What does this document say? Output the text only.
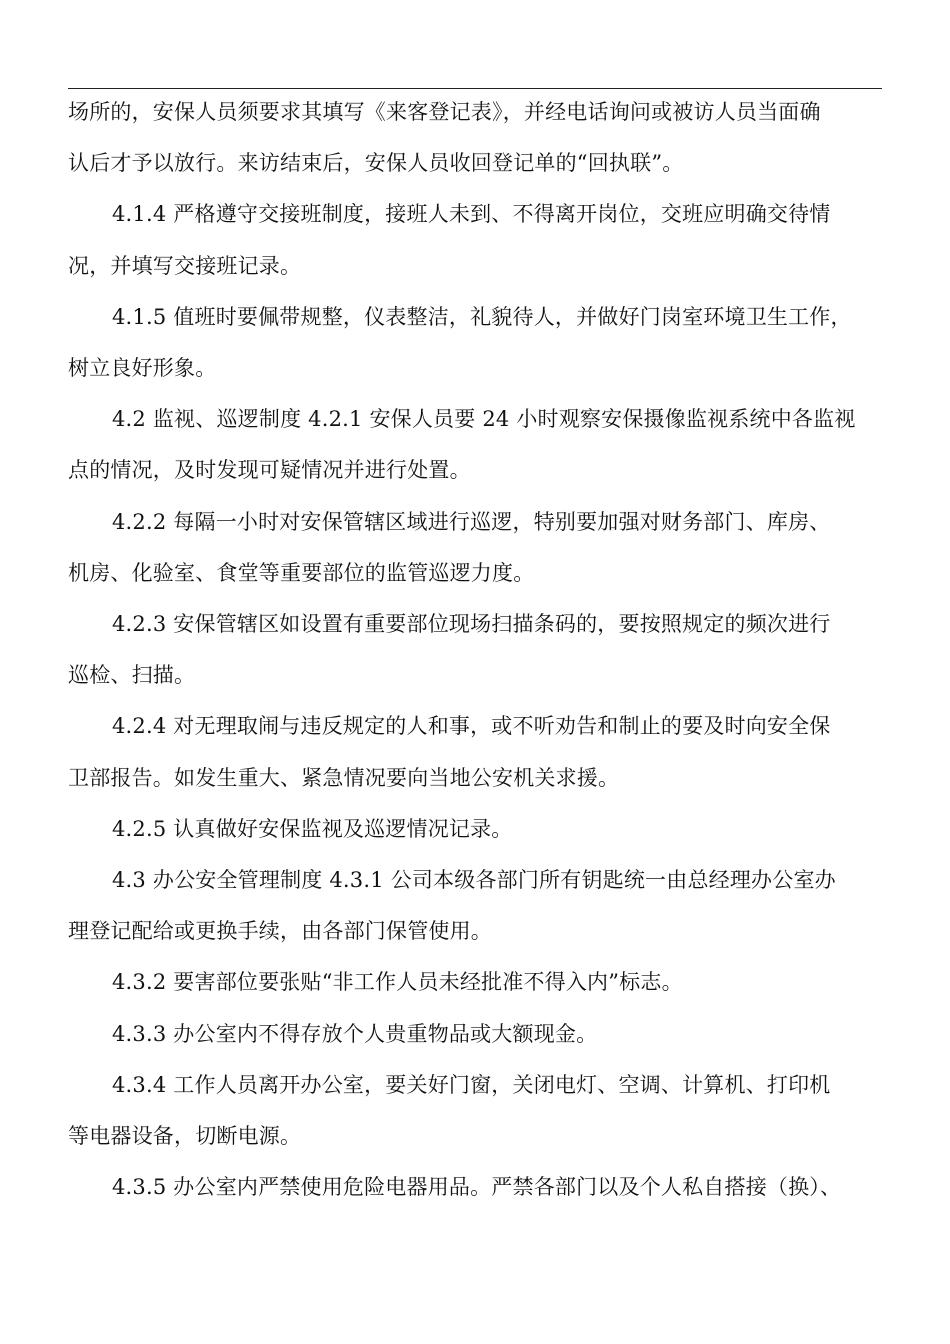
场所的，安保人员须要求其填写《来客登记表》，并经电话询问或被访人员当面确
认后才予以放行。来访结束后，安保人员收回登记单的“回执联”。
4.1.4 严格遵守交接班制度，接班人未到、不得离开岗位，交班应明确交待情
况，并填写交接班记录。
4.1.5 值班时要佩带规整，仪表整洁，礼貌待人，并做好门岗室环境卫生工作，
树立良好形象。
4.2 监视、巡逻制度 4.2.1 安保人员要 24 小时观察安保摄像监视系统中各监视
点的情况，及时发现可疑情况并进行处置。
4.2.2 每隔一小时对安保管辖区域进行巡逻，特别要加强对财务部门、库房、
机房、化验室、食堂等重要部位的监管巡逻力度。
4.2.3 安保管辖区如设置有重要部位现场扫描条码的，要按照规定的频次进行
巡检、扫描。
4.2.4 对无理取闹与违反规定的人和事，或不听劝告和制止的要及时向安全保
卫部报告。如发生重大、紧急情况要向当地公安机关求援。
4.2.5 认真做好安保监视及巡逻情况记录。
4.3 办公安全管理制度 4.3.1 公司本级各部门所有钥匙统一由总经理办公室办
理登记配给或更换手续，由各部门保管使用。
4.3.2 要害部位要张贴“非工作人员未经批准不得入内”标志。
4.3.3 办公室内不得存放个人贵重物品或大额现金。
4.3.4 工作人员离开办公室，要关好门窗，关闭电灯、空调、计算机、打印机
等电器设备，切断电源。
4.3.5 办公室内严禁使用危险电器用品。严禁各部门以及个人私自搭接（换）、
